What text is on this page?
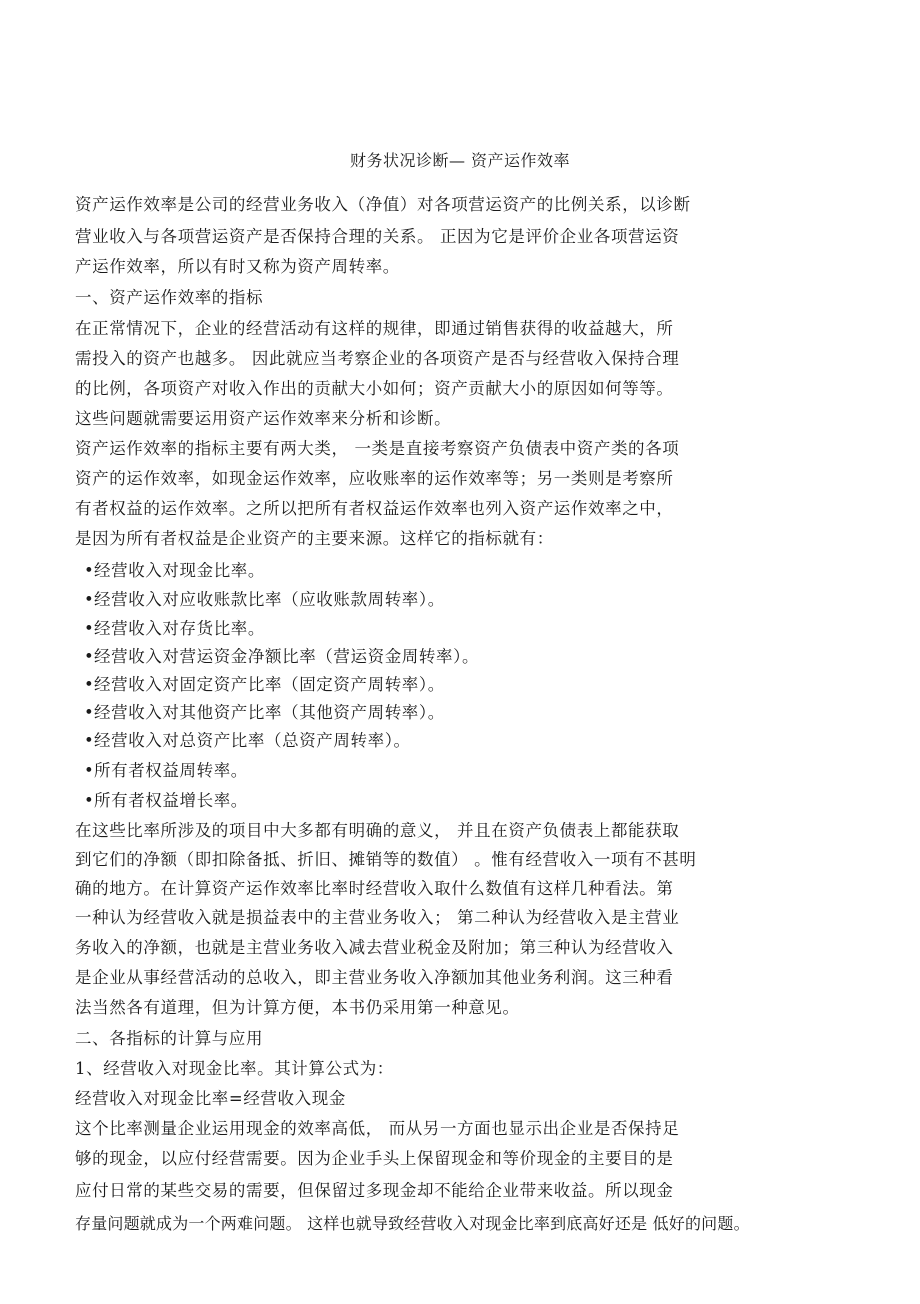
财务状况诊断— 资产运作效率
资产运作效率是公司的经营业务收入（净值）对各项营运资产的比例关系，以诊断
营业收入与各项营运资产是否保持合理的关系。 正因为它是评价企业各项营运资
产运作效率，所以有时又称为资产周转率。
一、资产运作效率的指标
在正常情况下，企业的经营活动有这样的规律，即通过销售获得的收益越大，所
需投入的资产也越多。 因此就应当考察企业的各项资产是否与经营收入保持合理
的比例，各项资产对收入作出的贡献大小如何；资产贡献大小的原因如何等等。
这些问题就需要运用资产运作效率来分析和诊断。
资产运作效率的指标主要有两大类， 一类是直接考察资产负债表中资产类的各项
资产的运作效率，如现金运作效率，应收账率的运作效率等；另一类则是考察所
有者权益的运作效率。之所以把所有者权益运作效率也列入资产运作效率之中，
是因为所有者权益是企业资产的主要来源。这样它的指标就有：
•经营收入对现金比率。
•经营收入对应收账款比率（应收账款周转率）。
•经营收入对存货比率。
•经营收入对营运资金净额比率（营运资金周转率）。
•经营收入对固定资产比率（固定资产周转率）。
•经营收入对其他资产比率（其他资产周转率）。
•经营收入对总资产比率（总资产周转率）。
•所有者权益周转率。
•所有者权益增长率。
在这些比率所涉及的项目中大多都有明确的意义， 并且在资产负债表上都能获取
到它们的净额（即扣除备抵、折旧、摊销等的数值） 。惟有经营收入一项有不甚明
确的地方。在计算资产运作效率比率时经营收入取什么数值有这样几种看法。第
一种认为经营收入就是损益表中的主营业务收入； 第二种认为经营收入是主营业
务收入的净额，也就是主营业务收入减去营业税金及附加；第三种认为经营收入
是企业从事经营活动的总收入，即主营业务收入净额加其他业务利润。这三种看
法当然各有道理，但为计算方便，本书仍采用第一种意见。
二、各指标的计算与应用
1、经营收入对现金比率。其计算公式为：
经营收入对现金比率=经营收入现金
这个比率测量企业运用现金的效率高低， 而从另一方面也显示出企业是否保持足
够的现金，以应付经营需要。因为企业手头上保留现金和等价现金的主要目的是
应付日常的某些交易的需要，但保留过多现金却不能给企业带来收益。所以现金
存量问题就成为一个两难问题。 这样也就导致经营收入对现金比率到底高好还是 低好的问题。
